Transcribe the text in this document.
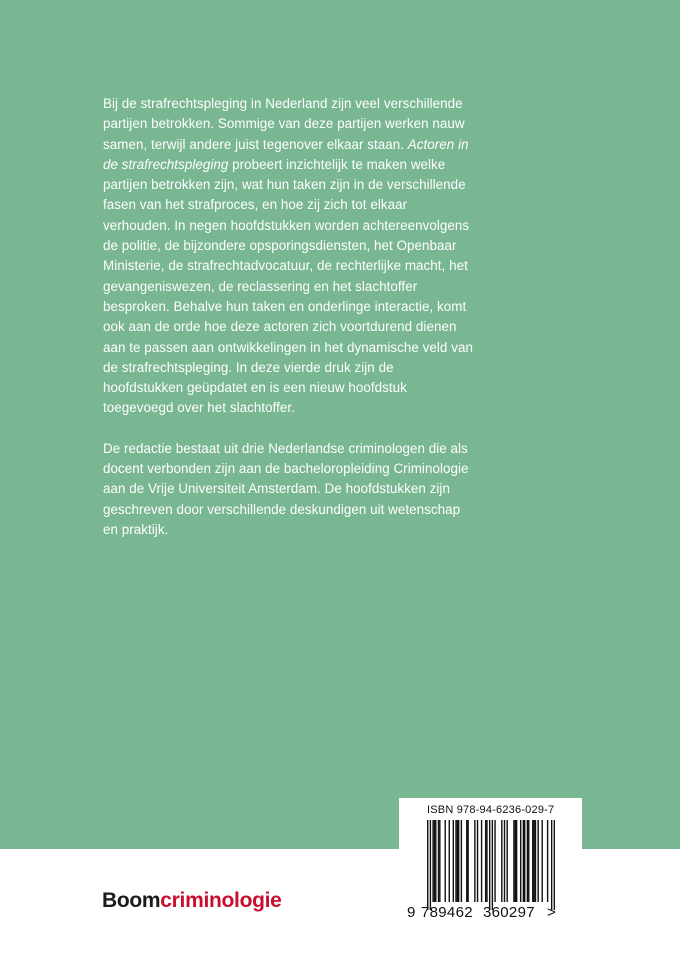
Bij de strafrechtspleging in Nederland zijn veel verschillende partijen betrokken. Sommige van deze partijen werken nauw samen, terwijl andere juist tegenover elkaar staan. Actoren in de strafrechtspleging probeert inzichtelijk te maken welke partijen betrokken zijn, wat hun taken zijn in de verschillende fasen van het strafproces, en hoe zij zich tot elkaar verhouden. In negen hoofdstukken worden achtereenvolgens de politie, de bijzondere opsporingsdiensten, het Openbaar Ministerie, de strafrechtadvocatuur, de rechterlijke macht, het gevangeniswezen, de reclassering en het slachtoffer besproken. Behalve hun taken en onderlinge interactie, komt ook aan de orde hoe deze actoren zich voortdurend dienen aan te passen aan ontwikkelingen in het dynamische veld van de strafrechtspleging. In deze vierde druk zijn de hoofdstukken geüpdatet en is een nieuw hoofdstuk toegevoegd over het slachtoffer.

De redactie bestaat uit drie Nederlandse criminologen die als docent verbonden zijn aan de bacheloropleiding Criminologie aan de Vrije Universiteit Amsterdam. De hoofdstukken zijn geschreven door verschillende deskundigen uit wetenschap en praktijk.

Boomcriminologie
ISBN 978-94-6236-029-7
9 789462 360297 >
